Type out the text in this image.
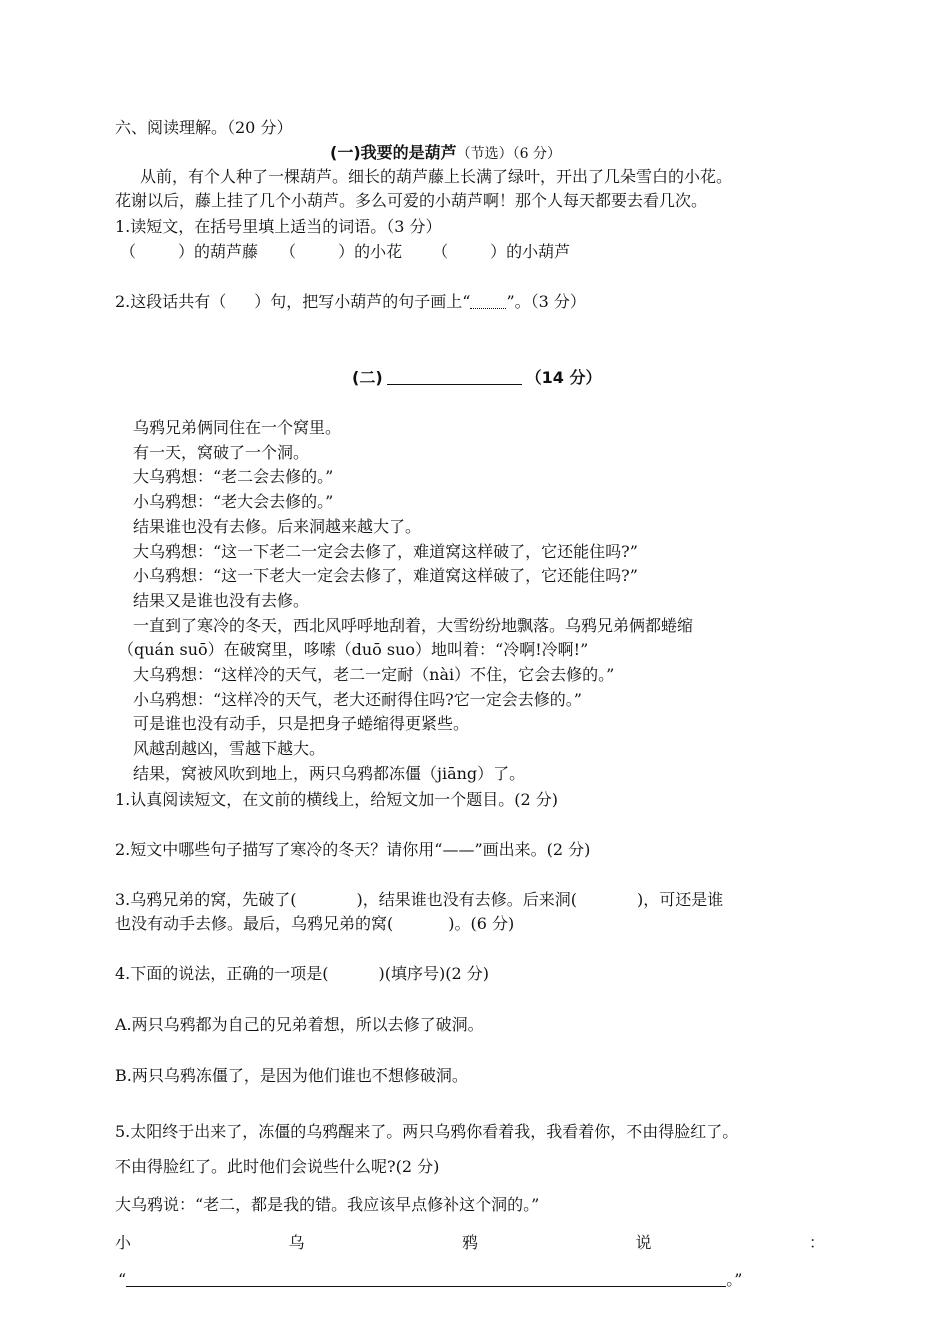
六、阅读理解。（20 分）
(一)我要的是葫芦（节选）（6 分）
从前，有个人种了一棵葫芦。细长的葫芦藤上长满了绿叶，开出了几朵雪白的小花。
花谢以后，藤上挂了几个小葫芦。多么可爱的小葫芦啊！那个人每天都要去看几次。
1.读短文，在括号里填上适当的词语。（3 分）
（	）的葫芦藤 （	）的小花 （	）的小葫芦
2.这段话共有（ ）句，把写小葫芦的句子画上“ ”。（3 分）
(二)	（14 分）
乌鸦兄弟俩同住在一个窝里。
有一天，窝破了一个洞。
大乌鸦想：“老二会去修的。”
小乌鸦想：“老大会去修的。”
结果谁也没有去修。后来洞越来越大了。
大乌鸦想：“这一下老二一定会去修了，难道窝这样破了，它还能住吗?”
小乌鸦想：“这一下老大一定会去修了，难道窝这样破了，它还能住吗?”
结果又是谁也没有去修。
一直到了寒冷的冬天，西北风呼呼地刮着，大雪纷纷地飘落。乌鸦兄弟俩都蜷缩
（quán suō）在破窝里，哆嗦（duō suo）地叫着：“冷啊!冷啊!”
大乌鸦想：“这样冷的天气，老二一定耐（nài）不住，它会去修的。”
小乌鸦想：“这样冷的天气，老大还耐得住吗?它一定会去修的。”
可是谁也没有动手，只是把身子蜷缩得更紧些。
风越刮越凶，雪越下越大。
结果，窝被风吹到地上，两只乌鸦都冻僵（jiāng）了。
1.认真阅读短文，在文前的横线上，给短文加一个题目。(2 分)
2.短文中哪些句子描写了寒冷的冬天？请你用“——”画出来。(2 分)
3.乌鸦兄弟的窝，先破了(	)，结果谁也没有去修。后来洞(	)，可还是谁
也没有动手去修。最后，乌鸦兄弟的窝(	)。(6 分)
4.下面的说法，正确的一项是(	)(填序号)(2 分)
A.两只乌鸦都为自己的兄弟着想，所以去修了破洞。
B.两只乌鸦冻僵了，是因为他们谁也不想修破洞。
5.太阳终于出来了，冻僵的乌鸦醒来了。两只乌鸦你看着我，我看着你，不由得脸红了。
不由得脸红了。此时他们会说些什么呢?(2 分)
大乌鸦说：“老二，都是我的错。我应该早点修补这个洞的。”
小	乌	鸦	说	：
“	。”
